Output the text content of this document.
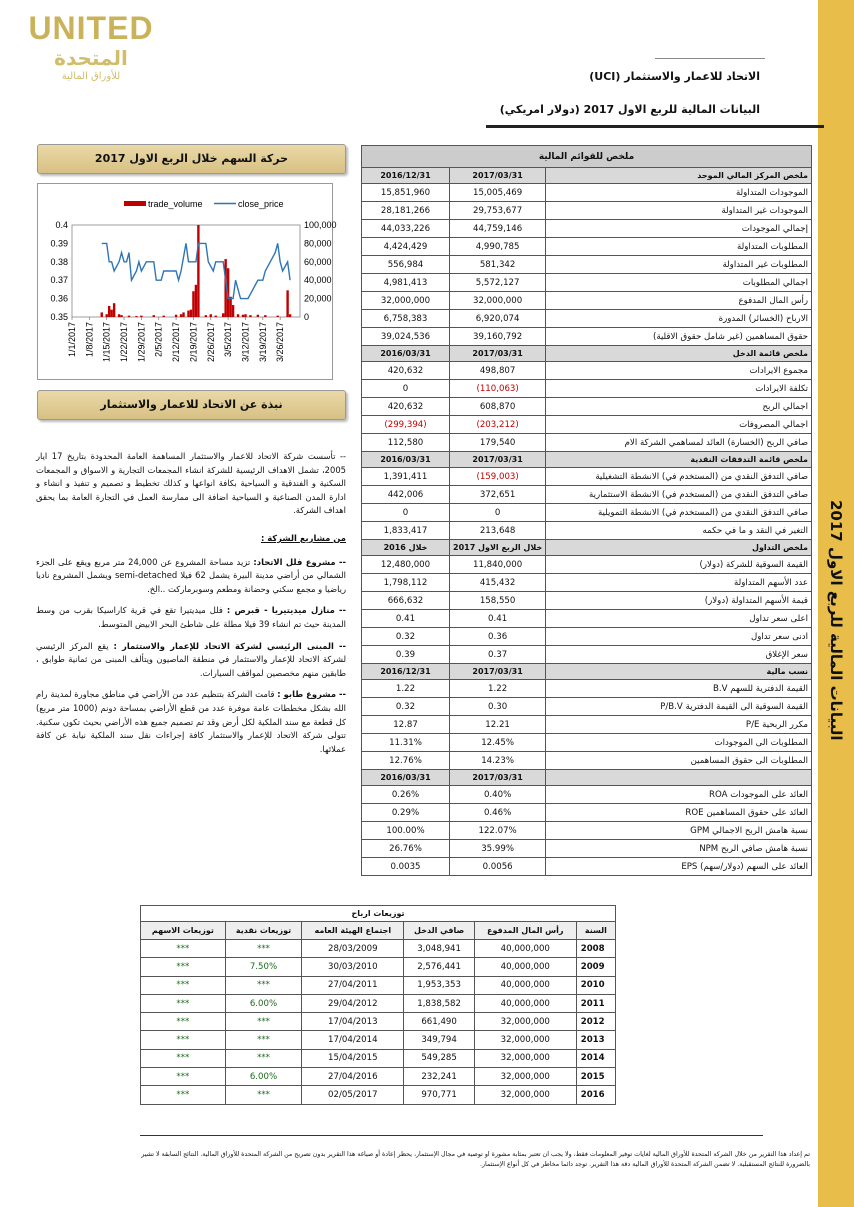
البيانات المالية للربع الاول 2017
UNITED
المتحدة
للأوراق المالية	الاتحاد للاعمار والاستثمار (UCI)
البيانات المالية للربع الاول 2017 (دولار امريكي)
حركة السهم خلال الربع الاول 2017
trade_volume	close_price
0.4
0.39
0.38
0.37
0.36
0.35
100,000
80,000
60,000
40,000
20,000
0
1/1/2017 1/8/2017 1/15/2017 1/22/2017 1/29/2017 2/5/2017 2/12/2017 2/19/2017 2/26/2017 3/5/2017 3/12/2017 3/19/2017 3/26/2017
نبذة عن الاتحاد للاعمار والاستثمار

-- تأسست شركة الاتحاد للاعمار والاستثمار المساهمة العامة المحدودة بتاريخ 17 ايار 2005، تشمل الاهداف الرئيسية للشركة انشاء المجمعات التجارية و الاسواق و المجمعات السكنية و الفندقية و السياحية بكافة انواعها و كذلك تخطيط و تصميم و تنفيذ و انشاء و ادارة المدن الصناعية و السياحية اضافة الى ممارسة العمل في التجارة العامة بما يحقق اهداف الشركة.

من مشاريع الشركة :

-- مشروع فلل الاتحاد: تزيد مساحة المشروع عن 24,000 متر مربع ويقع على الجزء الشمالي من أراضي مدينة البيرة يشمل 62 فيلا semi-detached ويشمل المشروع ناديا رياضيا و مجمع سكني وحضانة ومطعم وسوبرماركت ..الخ.

-- منازل ميديتيريا - قبرص : فلل ميديتيرا تقع في قرية كاراسيكا بقرب من وسط المدينة حيث تم انشاء 39 فيلا مطلة على شاطئ البحر الابيض المتوسط.

-- المبنى الرئيسي لشركة الاتحاد للإعمار والاستثمار : يقع المركز الرئيسي لشركة الاتحاد للإعمار والاستثمار في منطقة الماصيون ويتألف المبنى من ثمانية طوابق ، طابقين منهم مخصصين لمواقف السيارات.

-- مشروع طابو : قامت الشركة بتنظيم عدد من الأراضي في مناطق مجاورة لمدينة رام الله بشكل مخططات عامة موفرة عدد من قطع الأراضي بمساحة دونم (1000 متر مربع) كل قطعة مع سند الملكية لكل أرض وقد تم تصميم جميع هذه الأراضي بحيث تكون سكنية. تتولى شركة الاتحاد للإعمار والاستثمار كافة إجراءات نقل سند الملكية نيابة عن كافة عملائها.

ملخص للقوائم المالية		
2016/12/31	2017/03/31	ملخص المركز المالي الموحد
15,851,960	15,005,469	الموجودات المتداولة
28,181,266	29,753,677	الموجودات غير المتداولة
44,033,226	44,759,146	إجمالي الموجودات
4,424,429	4,990,785	المطلوبات المتداولة
556,984	581,342	المطلوبات غير المتداولة
4,981,413	5,572,127	اجمالي المطلوبات
32,000,000	32,000,000	رأس المال المدفوع
6,758,383	6,920,074	الارباح (الخسائر) المدورة
39,024,536	39,160,792	حقوق المساهمين (غير شامل حقوق الاقلية)
2016/03/31	2017/03/31	ملخص قائمة الدخل
420,632	498,807	مجموع الايرادات
0	(110,063)	تكلفة الايرادات
420,632	608,870	اجمالي الربح
(299,394)	(203,212)	اجمالي المصروفات
112,580	179,540	صافي الربح (الخسارة) العائد لمساهمي الشركة الام
2016/03/31	2017/03/31	ملخص قائمة التدفقات النقدية
1,391,411	(159,003)	صافي التدفق النقدي من (المستخدم في) الانشطة التشغيلية
442,006	372,651	صافي التدفق النقدي من (المستخدم في) الانشطة الاستثمارية
0	0	صافي التدفق النقدي من (المستخدم في) الانشطة التمويلية
1,833,417	213,648	التغير في النقد و ما في حكمه
خلال 2016	خلال الربع الاول 2017	ملخص التداول
12,480,000	11,840,000	القيمة السوقية للشركة (دولار)
1,798,112	415,432	عدد الأسهم المتداولة
666,632	158,550	قيمة الأسهم المتداولة (دولار)
0.41	0.41	اعلى سعر تداول
0.32	0.36	ادنى سعر تداول
0.39	0.37	سعر الإغلاق
2016/12/31	2017/03/31	نسب مالية
1.22	1.22	القيمة الدفترية للسهم B.V
0.32	0.30	القيمة السوقية الى القيمة الدفترية P/B.V
12.87	12.21	مكرر الربحية P/E
11.31%	12.45%	المطلوبات الى الموجودات
12.76%	14.23%	المطلوبات الى حقوق المساهمين
2016/03/31	2017/03/31	
0.26%	0.40%	العائد على الموجودات ROA
0.29%	0.46%	العائد على حقوق المساهمين ROE
100.00%	122.07%	نسبة هامش الربح الاجمالي GPM
26.76%	35.99%	نسبة هامش صافي الربح NPM
0.0035	0.0056	العائد على السهم (دولار/سهم) EPS
توزيعات ارباح					
توزيعات الاسهم	توزيعات نقدية	اجتماع الهيئة العامه	صافي الدخل	رأس المال المدفوع	السنة
***	***	28/03/2009	3,048,941	40,000,000	2008
***	7.50%	30/03/2010	2,576,441	40,000,000	2009
***	***	27/04/2011	1,953,353	40,000,000	2010
***	6.00%	29/04/2012	1,838,582	40,000,000	2011
***	***	17/04/2013	661,490	32,000,000	2012
***	***	17/04/2014	349,794	32,000,000	2013
***	***	15/04/2015	549,285	32,000,000	2014
***	6.00%	27/04/2016	232,241	32,000,000	2015
***	***	02/05/2017	970,771	32,000,000	2016
تم إعداد هذا التقرير من خلال الشركة المتحدة للأوراق المالية لغايات توفير المعلومات فقط، ولا يجب ان تعتبر بمثابة مشورة او توصية في مجال الإستثمار، يحظر إعادة أو صياغة هذا التقرير بدون تصريح من الشركة المتحدة للأوراق المالية. النتائج السابقة لا تشير بالضرورة للنتائج المستقبلية. لا تضمن الشركة المتحدة للأوراق المالية دقة هذا التقرير. توجد دائما مخاطر في كل أنواع الإستثمار.
